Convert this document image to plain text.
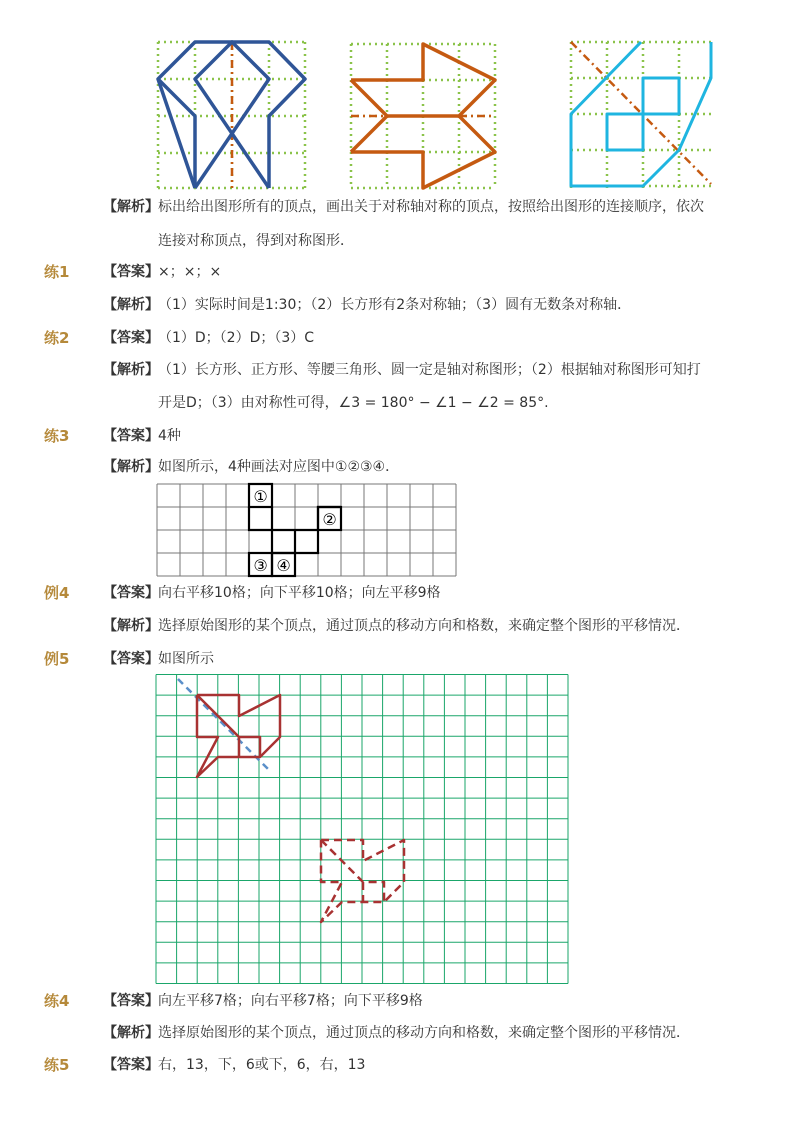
【解析】 标出给出图形所有的顶点，画出关于对称轴对称的顶点，按照给出图形的连接顺序，依次
连接对称顶点，得到对称图形．
练1 【答案】 ×；×；×
【解析】 （1）实际时间是1:30；（2）长方形有2条对称轴；（3）圆有无数条对称轴．
练2 【答案】 （1）D；（2）D；（3）C
【解析】 （1）长方形、正方形、等腰三角形、圆一定是轴对称图形；（2）根据轴对称图形可知打
开是D；（3）由对称性可得，∠3 = 180° − ∠1 − ∠2 = 85°.
练3 【答案】 4种
【解析】 如图所示，4种画法对应图中①②③④．
①
②
③ ④
例4 【答案】 向右平移10格；向下平移10格；向左平移9格
【解析】 选择原始图形的某个顶点，通过顶点的移动方向和格数，来确定整个图形的平移情况．
例5 【答案】 如图所示
练4 【答案】 向左平移7格；向右平移7格；向下平移9格
【解析】 选择原始图形的某个顶点，通过顶点的移动方向和格数，来确定整个图形的平移情况．
练5 【答案】 右，13，下，6或下，6，右，13
